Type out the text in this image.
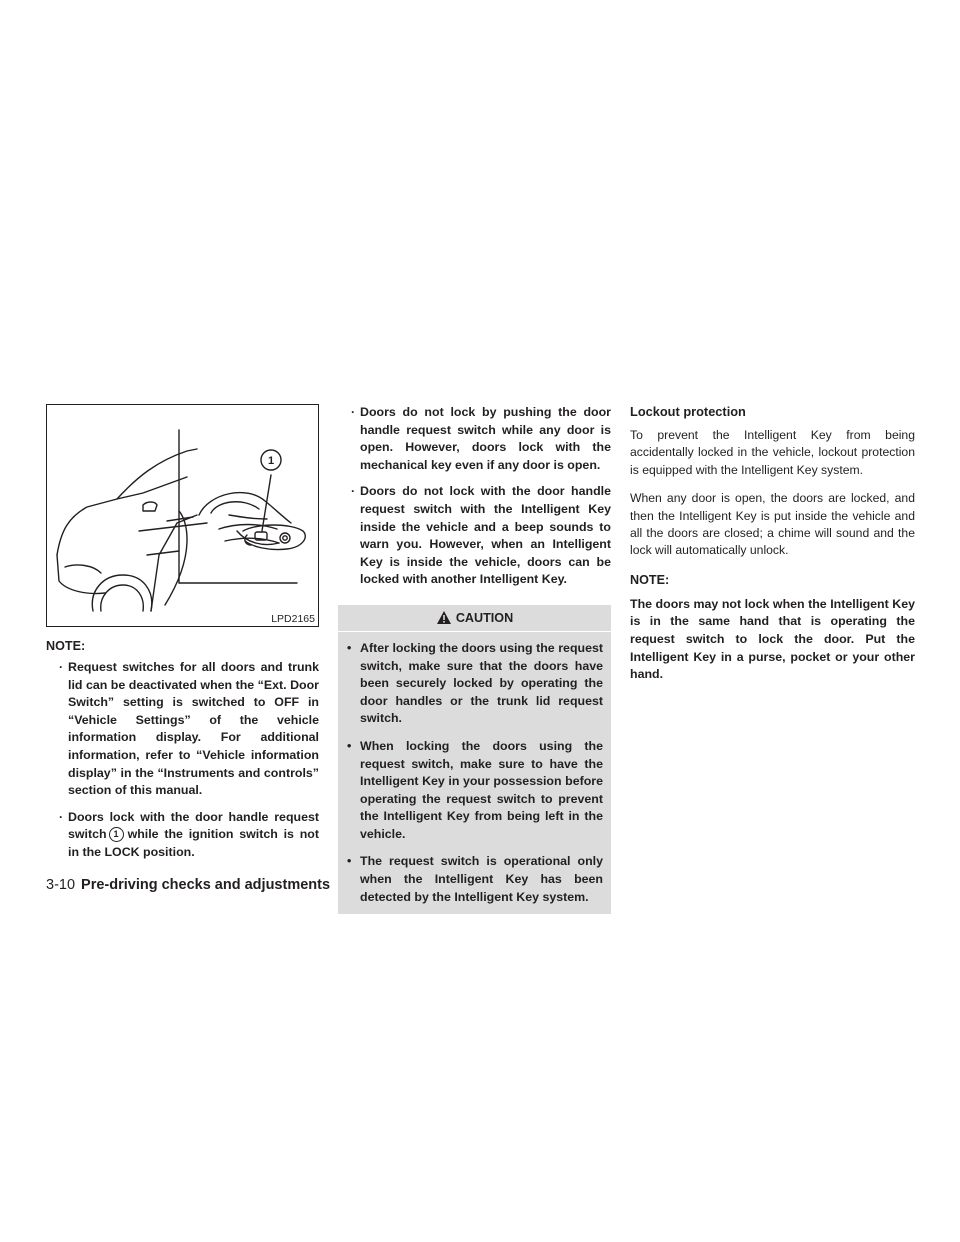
1
LPD2165
NOTE:
· Request switches for all doors and trunk lid can be deactivated when the “Ext. Door Switch” setting is switched to OFF in “Vehicle Settings” of the vehicle information display. For additional information, refer to “Vehicle information display” in the “Instruments and controls” section of this manual.
· Doors lock with the door handle request switch 1 while the ignition switch is not in the LOCK position.
· Doors do not lock by pushing the door handle request switch while any door is open. However, doors lock with the mechanical key even if any door is open.
· Doors do not lock with the door handle request switch with the Intelligent Key inside the vehicle and a beep sounds to warn you. However, when an Intelligent Key is inside the vehicle, doors can be locked with another Intelligent Key.
CAUTION
• After locking the doors using the request switch, make sure that the doors have been securely locked by operating the door handles or the trunk lid request switch.
• When locking the doors using the request switch, make sure to have the Intelligent Key in your possession before operating the request switch to prevent the Intelligent Key from being left in the vehicle.
• The request switch is operational only when the Intelligent Key has been detected by the Intelligent Key system.
Lockout protection

To prevent the Intelligent Key from being accidentally locked in the vehicle, lockout protection is equipped with the Intelligent Key system.

When any door is open, the doors are locked, and then the Intelligent Key is put inside the vehicle and all the doors are closed; a chime will sound and the lock will automatically unlock.

NOTE:

The doors may not lock when the Intelligent Key is in the same hand that is operating the request switch to lock the door. Put the Intelligent Key in a purse, pocket or your other hand.

3-10 Pre-driving checks and adjustments
